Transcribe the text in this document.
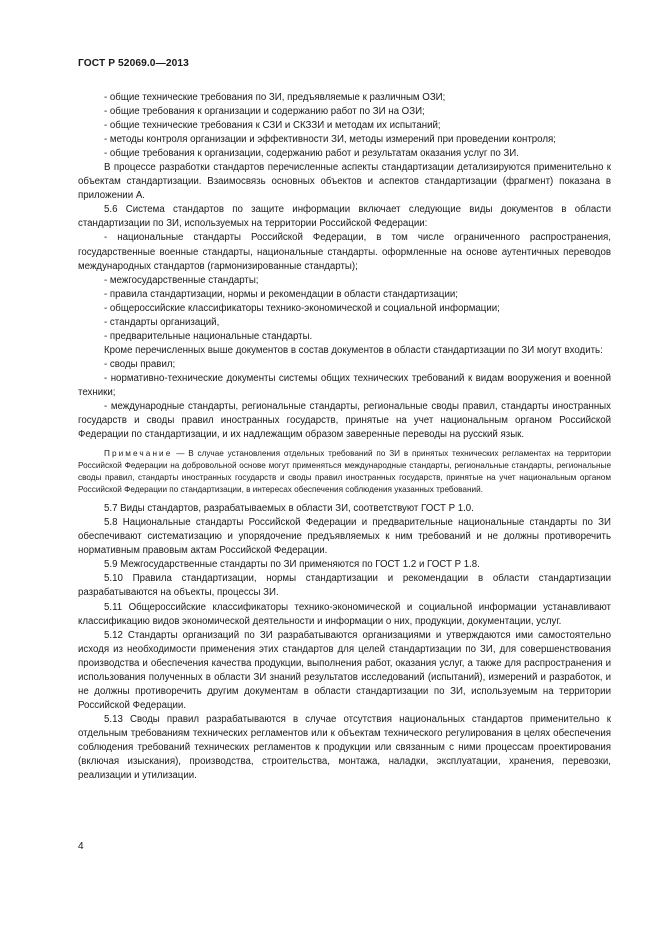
ГОСТ Р 52069.0—2013

- общие технические требования по ЗИ, предъявляемые к различным ОЗИ;

- общие требования к организации и содержанию работ по ЗИ на ОЗИ;

- общие технические требования к СЗИ и СКЗЗИ и методам их испытаний;

- методы контроля организации и эффективности ЗИ, методы измерений при проведении контроля;

- общие требования к организации, содержанию работ и результатам оказания услуг по ЗИ.

В процессе разработки стандартов перечисленные аспекты стандартизации детализируются применительно к объектам стандартизации. Взаимосвязь основных объектов и аспектов стандартизации (фрагмент) показана в приложении А.

5.6 Система стандартов по защите информации включает следующие виды документов в области стандартизации по ЗИ, используемых на территории Российской Федерации:

- национальные стандарты Российской Федерации, в том числе ограниченного распространения, государственные военные стандарты, национальные стандарты. оформленные на основе аутентичных переводов международных стандартов (гармонизированные стандарты);

- межгосударственные стандарты;

- правила стандартизации, нормы и рекомендации в области стандартизации;

- общероссийские классификаторы технико-экономической и социальной информации;

- стандарты организаций,

- предварительные национальные стандарты.

Кроме перечисленных выше документов в состав документов в области стандартизации по ЗИ могут входить:

- своды правил;

- нормативно-технические документы системы общих технических требований к видам вооружения и военной техники;

- международные стандарты, региональные стандарты, региональные своды правил, стандарты иностранных государств и своды правил иностранных государств, принятые на учет национальным органом Российской Федерации по стандартизации, и их надлежащим образом заверенные переводы на русский язык.

Примечание — В случае установления отдельных требований по ЗИ в принятых технических регламентах на территории Российской Федерации на добровольной основе могут применяться международные стандарты, региональные стандарты, региональные своды правил, стандарты иностранных государств и своды правил иностранных государств, принятые на учет национальным органом Российской Федерации по стандартизации, в интересах обеспечения соблюдения указанных требований.

5.7 Виды стандартов, разрабатываемых в области ЗИ, соответствуют ГОСТ Р 1.0.

5.8 Национальные стандарты Российской Федерации и предварительные национальные стандарты по ЗИ обеспечивают систематизацию и упорядочение предъявляемых к ним требований и не должны противоречить нормативным правовым актам Российской Федерации.

5.9 Межгосударственные стандарты по ЗИ применяются по ГОСТ 1.2 и ГОСТ Р 1.8.

5.10 Правила стандартизации, нормы стандартизации и рекомендации в области стандартизации разрабатываются на объекты, процессы ЗИ.

5.11 Общероссийские классификаторы технико-экономической и социальной информации устанавливают классификацию видов экономической деятельности и информации о них, продукции, документации, услуг.

5.12 Стандарты организаций по ЗИ разрабатываются организациями и утверждаются ими самостоятельно исходя из необходимости применения этих стандартов для целей стандартизации по ЗИ, для совершенствования производства и обеспечения качества продукции, выполнения работ, оказания услуг, а также для распространения и использования полученных в области ЗИ знаний результатов исследований (испытаний), измерений и разработок, и не должны противоречить другим документам в области стандартизации по ЗИ, используемым на территории Российской Федерации.

5.13 Своды правил разрабатываются в случае отсутствия национальных стандартов применительно к отдельным требованиям технических регламентов или к объектам технического регулирования в целях обеспечения соблюдения требований технических регламентов к продукции или связанным с ними процессам проектирования (включая изыскания), производства, строительства, монтажа, наладки, эксплуатации, хранения, перевозки, реализации и утилизации.

4
